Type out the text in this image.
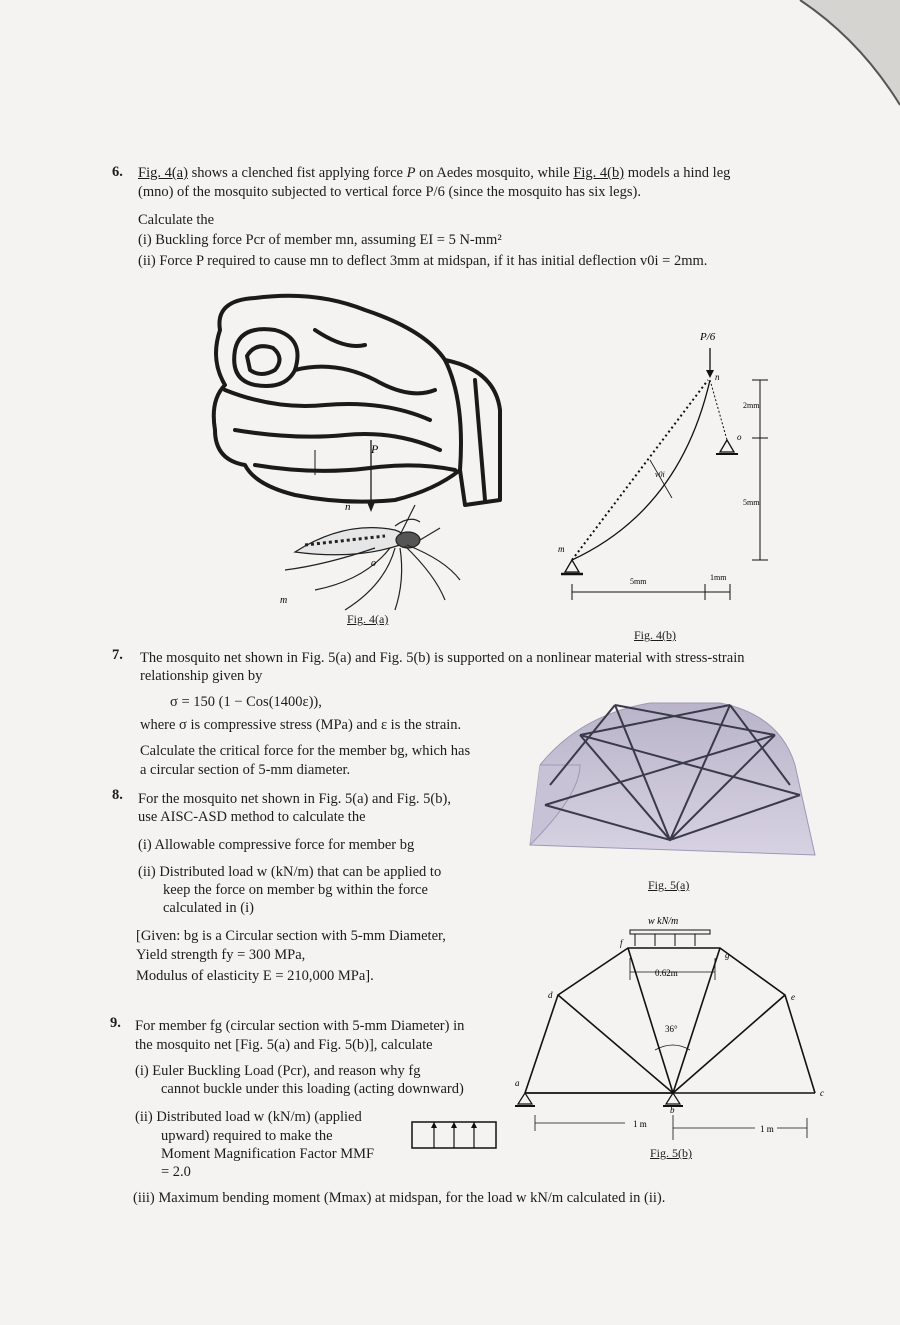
6. Fig. 4(a) shows a clenched fist applying force P on Aedes mosquito, while Fig. 4(b) models a hind leg
(mno) of the mosquito subjected to vertical force P/6 (since the mosquito has six legs).
Calculate the
(i) Buckling force Pcr of member mn, assuming EI = 5 N-mm²
(ii) Force P required to cause mn to deflect 3mm at midspan, if it has initial deflection v0i = 2mm.
P
n
o
m
Fig. 4(a)
P/6
n
o
m
v0i
5mm	1mm
2mm
5mm
Fig. 4(b)
7. The mosquito net shown in Fig. 5(a) and Fig. 5(b) is supported on a nonlinear material with stress-strain
relationship given by
σ = 150 (1 − Cos(1400ε)),
where σ is compressive stress (MPa) and ε is the strain.
Calculate the critical force for the member bg, which has
a circular section of 5-mm diameter.
Fig. 5(a)
8. For the mosquito net shown in Fig. 5(a) and Fig. 5(b),
use AISC-ASD method to calculate the
(i) Allowable compressive force for member bg
(ii) Distributed load w (kN/m) that can be applied to
keep the force on member bg within the force
calculated in (i)
[Given: bg is a Circular section with 5-mm Diameter,
Yield strength fy = 300 MPa,
Modulus of elasticity E = 210,000 MPa].
w kN/m
0.62m
36°
a
b
c
d	e
f
g
1 m	1 m
Fig. 5(b)
9. For member fg (circular section with 5-mm Diameter) in
the mosquito net [Fig. 5(a) and Fig. 5(b)], calculate
(i) Euler Buckling Load (Pcr), and reason why fg
cannot buckle under this loading (acting downward)
(ii) Distributed load w (kN/m) (applied
upward) required to make the
Moment Magnification Factor MMF
= 2.0
(iii) Maximum bending moment (Mmax) at midspan, for the load w kN/m calculated in (ii).
